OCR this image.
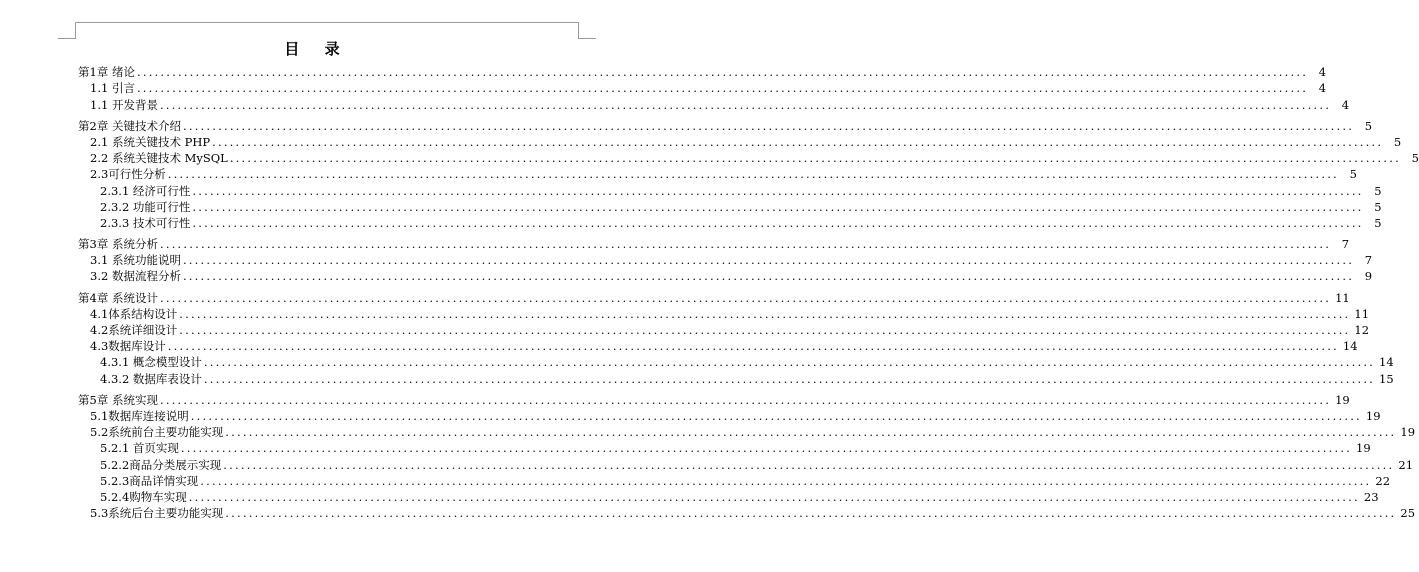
目 录
第1章 绪论 ........................................................................................................................................................................................................ 4
1.1 引言 ........................................................................................................................................................................................................ 4
1.1 开发背景 ........................................................................................................................................................................................................ 4
第2章 关键技术介绍 ........................................................................................................................................................................................................ 5
2.1 系统关键技术 PHP ........................................................................................................................................................................................................ 5
2.2 系统关键技术 MySQL ........................................................................................................................................................................................................ 5
2.3可行性分析 ........................................................................................................................................................................................................ 5
2.3.1 经济可行性 ........................................................................................................................................................................................................ 5
2.3.2 功能可行性 ........................................................................................................................................................................................................ 5
2.3.3 技术可行性 ........................................................................................................................................................................................................ 5
第3章 系统分析 ........................................................................................................................................................................................................ 7
3.1 系统功能说明 ........................................................................................................................................................................................................ 7
3.2 数据流程分析 ........................................................................................................................................................................................................ 9
第4章 系统设计 ........................................................................................................................................................................................................ 11
4.1体系结构设计 ........................................................................................................................................................................................................ 11
4.2系统详细设计 ........................................................................................................................................................................................................ 12
4.3数据库设计 ........................................................................................................................................................................................................ 14
4.3.1 概念模型设计 ........................................................................................................................................................................................................ 14
4.3.2 数据库表设计 ........................................................................................................................................................................................................ 15
第5章 系统实现 ........................................................................................................................................................................................................ 19
5.1数据库连接说明 ........................................................................................................................................................................................................ 19
5.2系统前台主要功能实现 ........................................................................................................................................................................................................ 19
5.2.1 首页实现 ........................................................................................................................................................................................................ 19
5.2.2商品分类展示实现 ........................................................................................................................................................................................................ 21
5.2.3商品详情实现 ........................................................................................................................................................................................................ 22
5.2.4购物车实现 ........................................................................................................................................................................................................ 23
5.3系统后台主要功能实现 ........................................................................................................................................................................................................ 25
